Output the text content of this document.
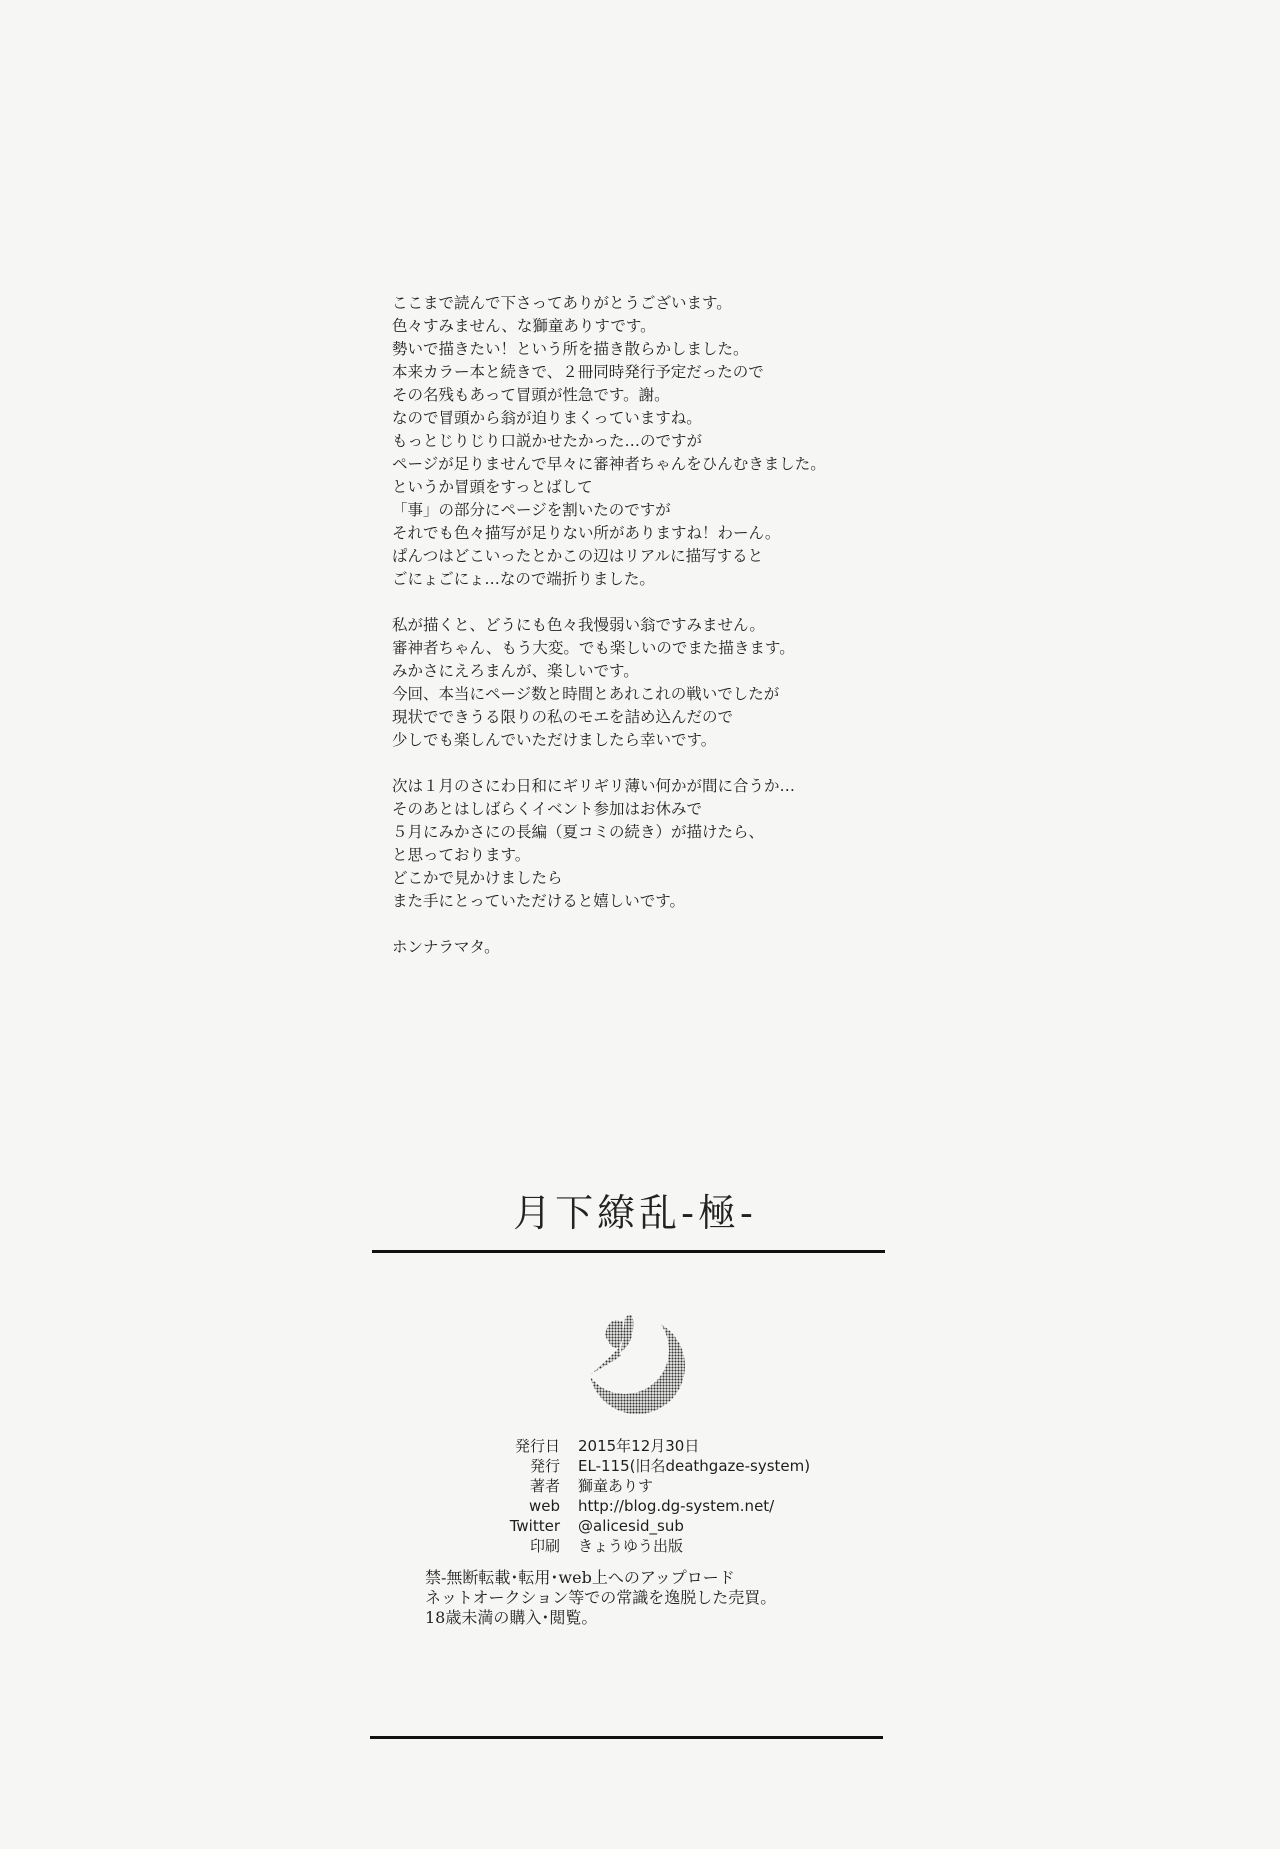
ここまで読んで下さってありがとうございます。
色々すみません、な獅童ありすです。
勢いで描きたい！という所を描き散らかしました。
本来カラー本と続きで、２冊同時発行予定だったので
その名残もあって冒頭が性急です。謝。
なので冒頭から翁が迫りまくっていますね。
もっとじりじり口説かせたかった…のですが
ページが足りませんで早々に審神者ちゃんをひんむきました。
というか冒頭をすっとばして
「事」の部分にページを割いたのですが
それでも色々描写が足りない所がありますね！わーん。
ぱんつはどこいったとかこの辺はリアルに描写すると
ごにょごにょ…なので端折りました。
私が描くと、どうにも色々我慢弱い翁ですみません。
審神者ちゃん、もう大変。でも楽しいのでまた描きます。
みかさにえろまんが、楽しいです。
今回、本当にページ数と時間とあれこれの戦いでしたが
現状でできうる限りの私のモエを詰め込んだので
少しでも楽しんでいただけましたら幸いです。
次は１月のさにわ日和にギリギリ薄い何かが間に合うか…
そのあとはしばらくイベント参加はお休みで
５月にみかさにの長編（夏コミの続き）が描けたら、
と思っております。
どこかで見かけましたら
また手にとっていただけると嬉しいです。
ホンナラマタ。
月下繚乱-極-
発行日 2015年12月30日
発行 EL-115(旧名deathgaze-system)
著者 獅童ありす
web http://blog.dg-system.net/
Twitter @alicesid_sub
印刷 きょうゆう出版
禁-無断転載･転用･web上へのアップロード
ネットオークション等での常識を逸脱した売買。
18歳未満の購入･閲覧。
